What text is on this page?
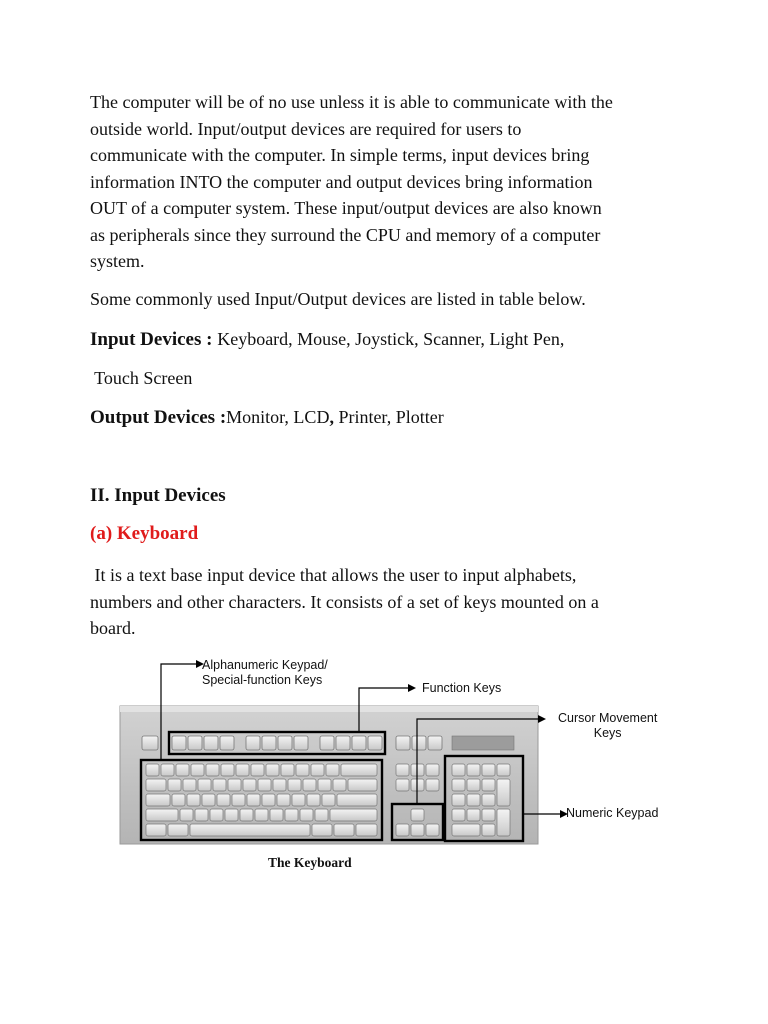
The computer will be of no use unless it is able to communicate with the
outside world. Input/output devices are required for users to
communicate with the computer. In simple terms, input devices bring
information INTO the computer and output devices bring information
OUT of a computer system. These input/output devices are also known
as peripherals since they surround the CPU and memory of a computer
system.

Some commonly used Input/Output devices are listed in table below.

Input Devices : Keyboard, Mouse, Joystick, Scanner, Light Pen,

Touch Screen

Output Devices :Monitor, LCD, Printer, Plotter

II. Input Devices

(a) Keyboard

It is a text base input device that allows the user to input alphabets,
numbers and other characters. It consists of a set of keys mounted on a
board.

Alphanumeric Keypad/
Special-function Keys
Function Keys
Cursor Movement
Keys
Numeric Keypad
The Keyboard
